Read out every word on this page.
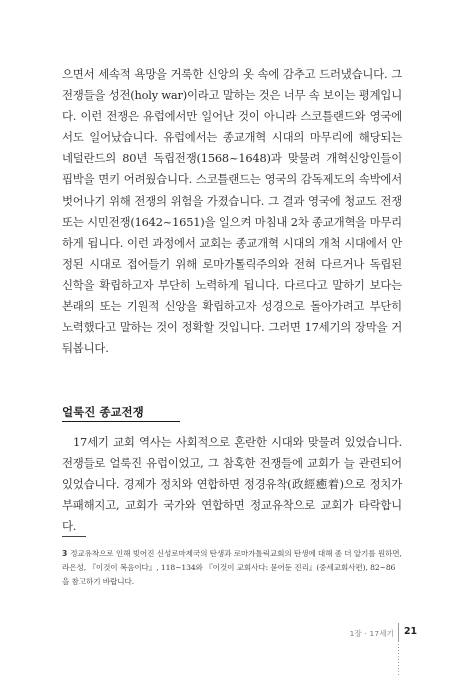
으면서 세속적 욕망을 거룩한 신앙의 옷 속에 감추고 드러냈습니다. 그 전쟁들을 성전(holy war)이라고 말하는 것은 너무 속 보이는 평계입니다. 이런 전쟁은 유럽에서만 일어난 것이 아니라 스코틀랜드와 영국에서도 일어났습니다. 유럽에서는 종교개혁 시대의 마무리에 해당되는 네덜란드의 80년 독립전쟁(1568~1648)과 맞물려 개혁신앙인들이 핍박을 면키 어려웠습니다. 스코틀랜드는 영국의 감독제도의 속박에서 벗어나기 위해 전쟁의 위험을 가졌습니다. 그 결과 영국에 청교도 전쟁 또는 시민전쟁(1642~1651)을 일으켜 마침내 2차 종교개혁을 마무리하게 됩니다. 이런 과정에서 교회는 종교개혁 시대의 개척 시대에서 안정된 시대로 접어들기 위해 로마가톨릭주의와 전혀 다르거나 독립된 신학을 확립하고자 부단히 노력하게 됩니다. 다르다고 말하기 보다는 본래의 또는 기원적 신앙을 확립하고자 성경으로 돌아가려고 부단히 노력했다고 말하는 것이 정확할 것입니다. 그러면 17세기의 장막을 거둬봅니다.

얼룩진 종교전쟁

17세기 교회 역사는 사회적으로 혼란한 시대와 맞물려 있었습니다. 전쟁들로 얼룩진 유럽이었고, 그 참혹한 전쟁들에 교회가 늘 관련되어 있었습니다. 경제가 정치와 연합하면 정경유착(政經癒着)으로 정치가 부패해지고, 교회가 국가와 연합하면 정교유착으로 교회가 타락합니다.

3 정교유착으로 인해 빚어진 신성로마제국의 탄생과 로마가톨릭교회의 탄생에 대해 좀 더 알기를 원하면, 라은성, 『이것이 복음이다』, 118~134와 『이것이 교회사다: 묻어둔 진리』(중세교회사편), 82~86을 참고하기 바랍니다.

1장 · 17세기 21
